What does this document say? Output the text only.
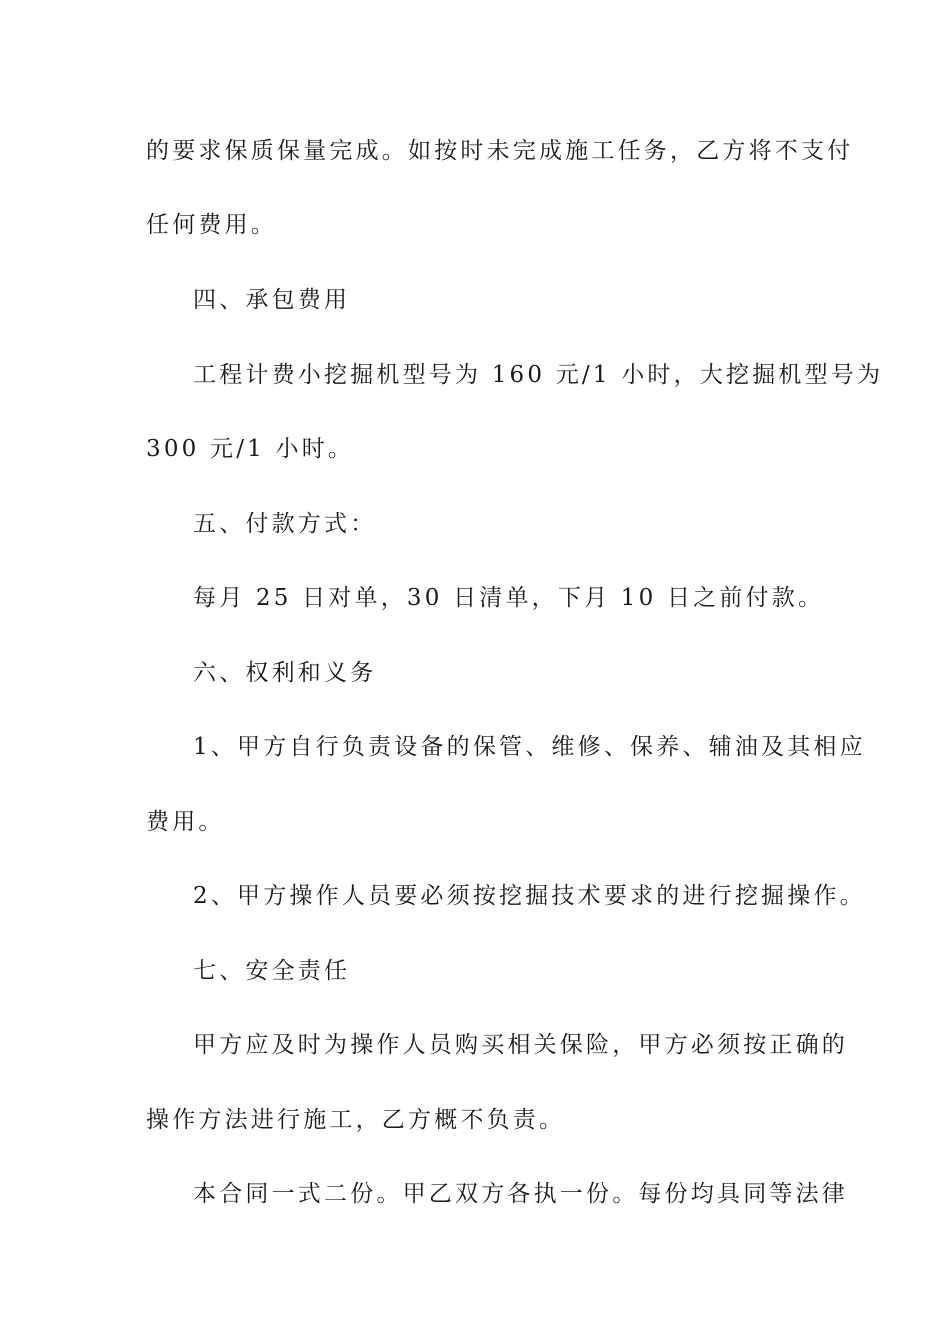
的要求保质保量完成。如按时未完成施工任务，乙方将不支付
任何费用。
四、承包费用
工程计费小挖掘机型号为 160 元/1 小时，大挖掘机型号为
300 元/1 小时。
五、付款方式：
每月 25 日对单，30 日清单，下月 10 日之前付款。
六、权利和义务
1、甲方自行负责设备的保管、维修、保养、辅油及其相应
费用。
2、甲方操作人员要必须按挖掘技术要求的进行挖掘操作。
七、安全责任
甲方应及时为操作人员购买相关保险，甲方必须按正确的
操作方法进行施工，乙方概不负责。
本合同一式二份。甲乙双方各执一份。每份均具同等法律
